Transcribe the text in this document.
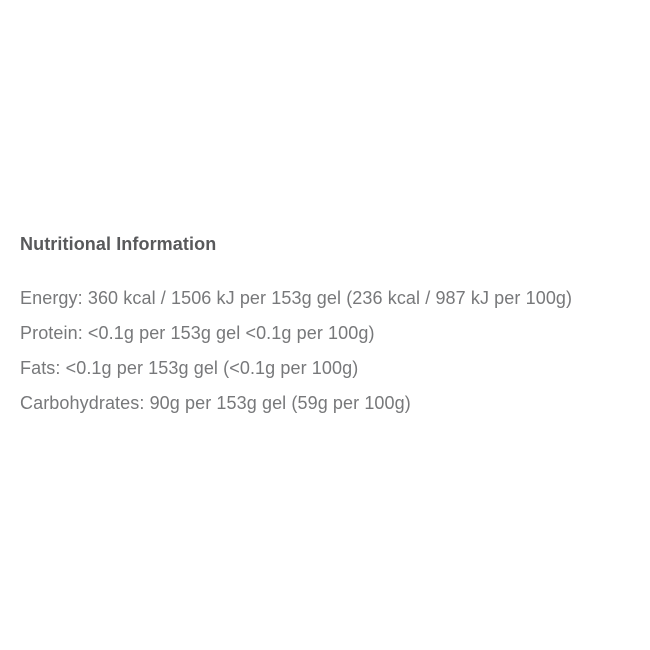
Nutritional Information

Energy: 360 kcal / 1506 kJ per 153g gel (236 kcal / 987 kJ per 100g)

Protein: <0.1g per 153g gel <0.1g per 100g)

Fats: <0.1g per 153g gel (<0.1g per 100g)

Carbohydrates: 90g per 153g gel (59g per 100g)
